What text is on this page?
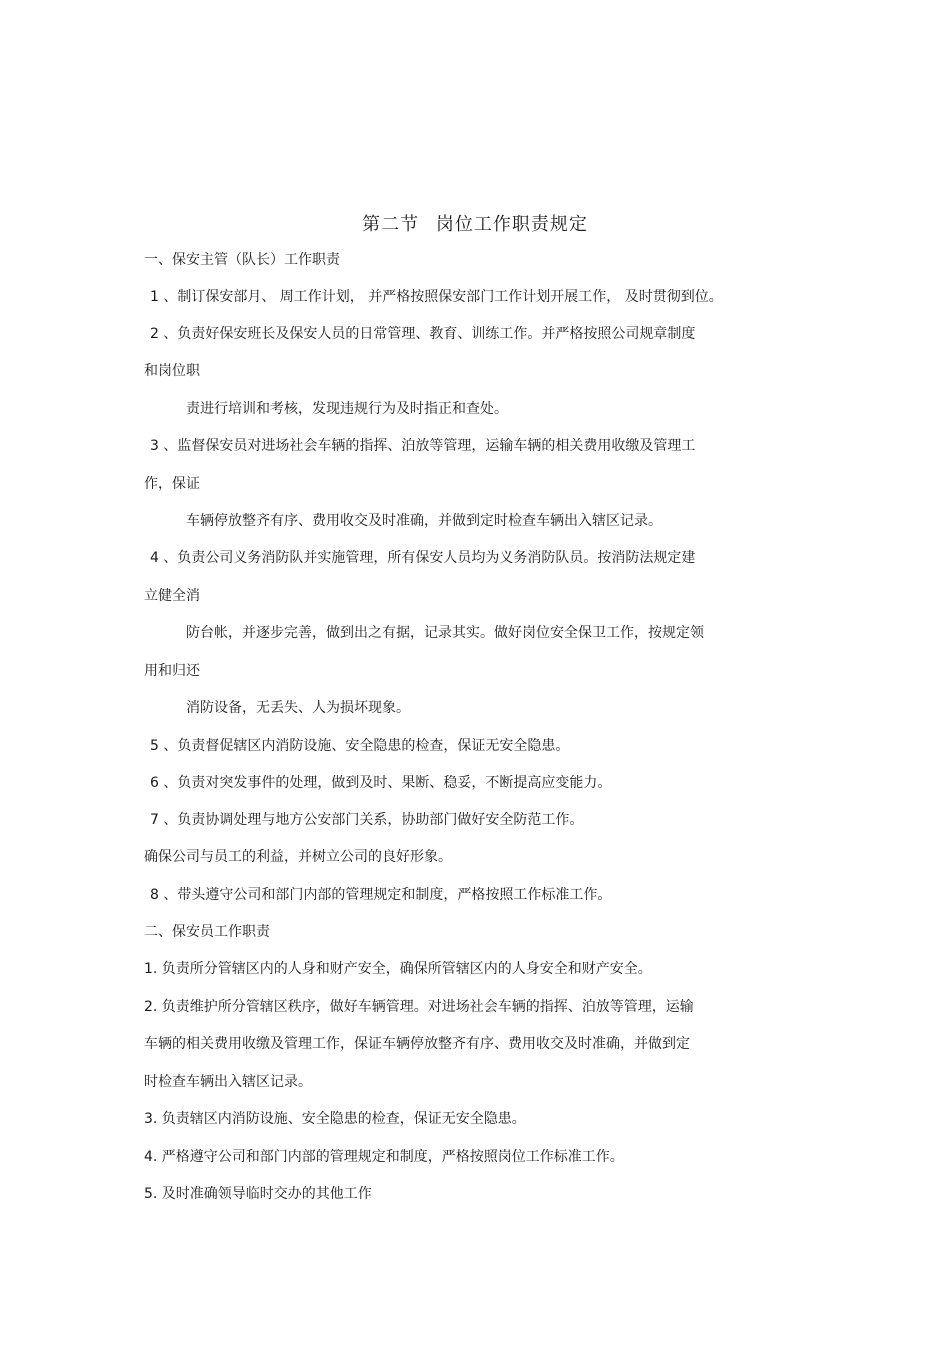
第二节 岗位工作职责规定
一、保安主管（队长）工作职责
1 、制订保安部月、 周工作计划， 并严格按照保安部门工作计划开展工作， 及时贯彻到位。
2 、负责好保安班长及保安人员的日常管理、教育、训练工作。并严格按照公司规章制度
和岗位职
责进行培训和考核，发现违规行为及时指正和查处。
3 、监督保安员对进场社会车辆的指挥、泊放等管理，运输车辆的相关费用收缴及管理工
作，保证
车辆停放整齐有序、费用收交及时准确，并做到定时检查车辆出入辖区记录。
4 、负责公司义务消防队并实施管理，所有保安人员均为义务消防队员。按消防法规定建
立健全消
防台帐，并逐步完善，做到出之有据，记录其实。做好岗位安全保卫工作，按规定领
用和归还
消防设备，无丢失、人为损坏现象。
5 、负责督促辖区内消防设施、安全隐患的检查，保证无安全隐患。
6 、负责对突发事件的处理，做到及时、果断、稳妥，不断提高应变能力。
7 、负责协调处理与地方公安部门关系，协助部门做好安全防范工作。
确保公司与员工的利益，并树立公司的良好形象。
8 、带头遵守公司和部门内部的管理规定和制度，严格按照工作标准工作。
二、保安员工作职责
1. 负责所分管辖区内的人身和财产安全，确保所管辖区内的人身安全和财产安全。
2. 负责维护所分管辖区秩序，做好车辆管理。对进场社会车辆的指挥、泊放等管理，运输
车辆的相关费用收缴及管理工作，保证车辆停放整齐有序、费用收交及时准确，并做到定
时检查车辆出入辖区记录。
3. 负责辖区内消防设施、安全隐患的检查，保证无安全隐患。
4. 严格遵守公司和部门内部的管理规定和制度，严格按照岗位工作标准工作。
5. 及时准确领导临时交办的其他工作
